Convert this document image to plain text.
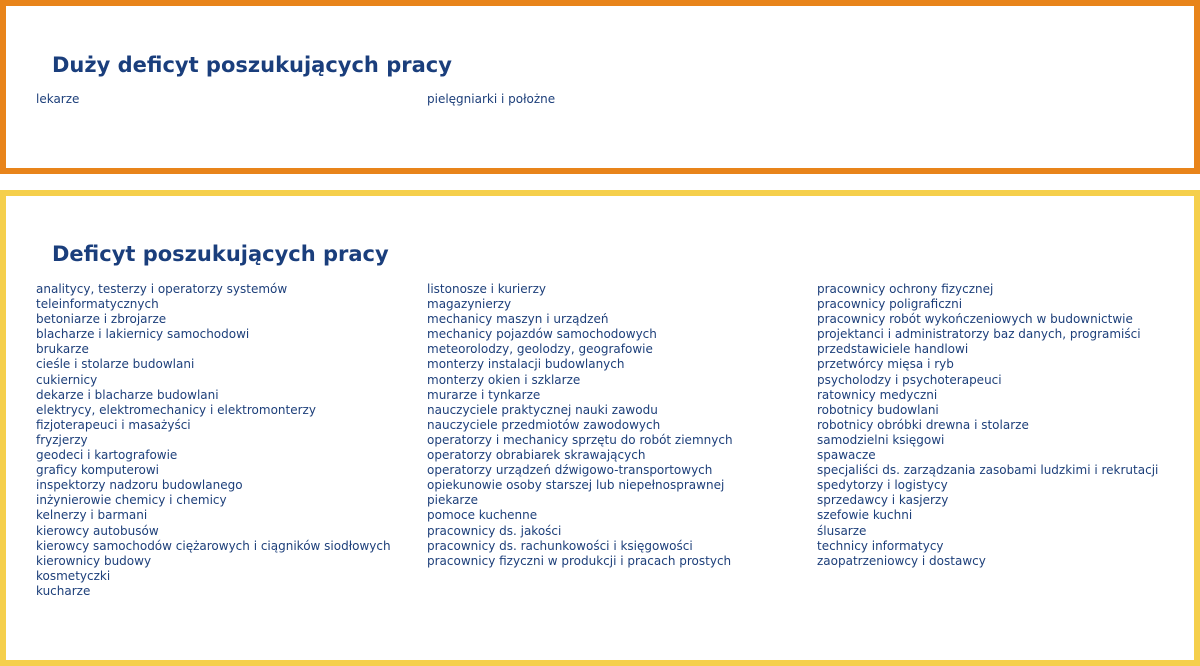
Duży deficyt poszukujących pracy
lekarze	pielęgniarki i położne
Deficyt poszukujących pracy
analitycy, testerzy i operatorzy systemów
teleinformatycznych
betoniarze i zbrojarze
blacharze i lakiernicy samochodowi
brukarze
cieśle i stolarze budowlani
cukiernicy
dekarze i blacharze budowlani
elektrycy, elektromechanicy i elektromonterzy
fizjoterapeuci i masażyści
fryzjerzy
geodeci i kartografowie
graficy komputerowi
inspektorzy nadzoru budowlanego
inżynierowie chemicy i chemicy
kelnerzy i barmani
kierowcy autobusów
kierowcy samochodów ciężarowych i ciągników siodłowych
kierownicy budowy
kosmetyczki
kucharze
listonosze i kurierzy
magazynierzy
mechanicy maszyn i urządzeń
mechanicy pojazdów samochodowych
meteorolodzy, geolodzy, geografowie
monterzy instalacji budowlanych
monterzy okien i szklarze
murarze i tynkarze
nauczyciele praktycznej nauki zawodu
nauczyciele przedmiotów zawodowych
operatorzy i mechanicy sprzętu do robót ziemnych
operatorzy obrabiarek skrawających
operatorzy urządzeń dźwigowo-transportowych
opiekunowie osoby starszej lub niepełnosprawnej
piekarze
pomoce kuchenne
pracownicy ds. jakości
pracownicy ds. rachunkowości i księgowości
pracownicy fizyczni w produkcji i pracach prostych
pracownicy ochrony fizycznej
pracownicy poligraficzni
pracownicy robót wykończeniowych w budownictwie
projektanci i administratorzy baz danych, programiści
przedstawiciele handlowi
przetwórcy mięsa i ryb
psycholodzy i psychoterapeuci
ratownicy medyczni
robotnicy budowlani
robotnicy obróbki drewna i stolarze
samodzielni księgowi
spawacze
specjaliści ds. zarządzania zasobami ludzkimi i rekrutacji
spedytorzy i logistycy
sprzedawcy i kasjerzy
szefowie kuchni
ślusarze
technicy informatycy
zaopatrzeniowcy i dostawcy
